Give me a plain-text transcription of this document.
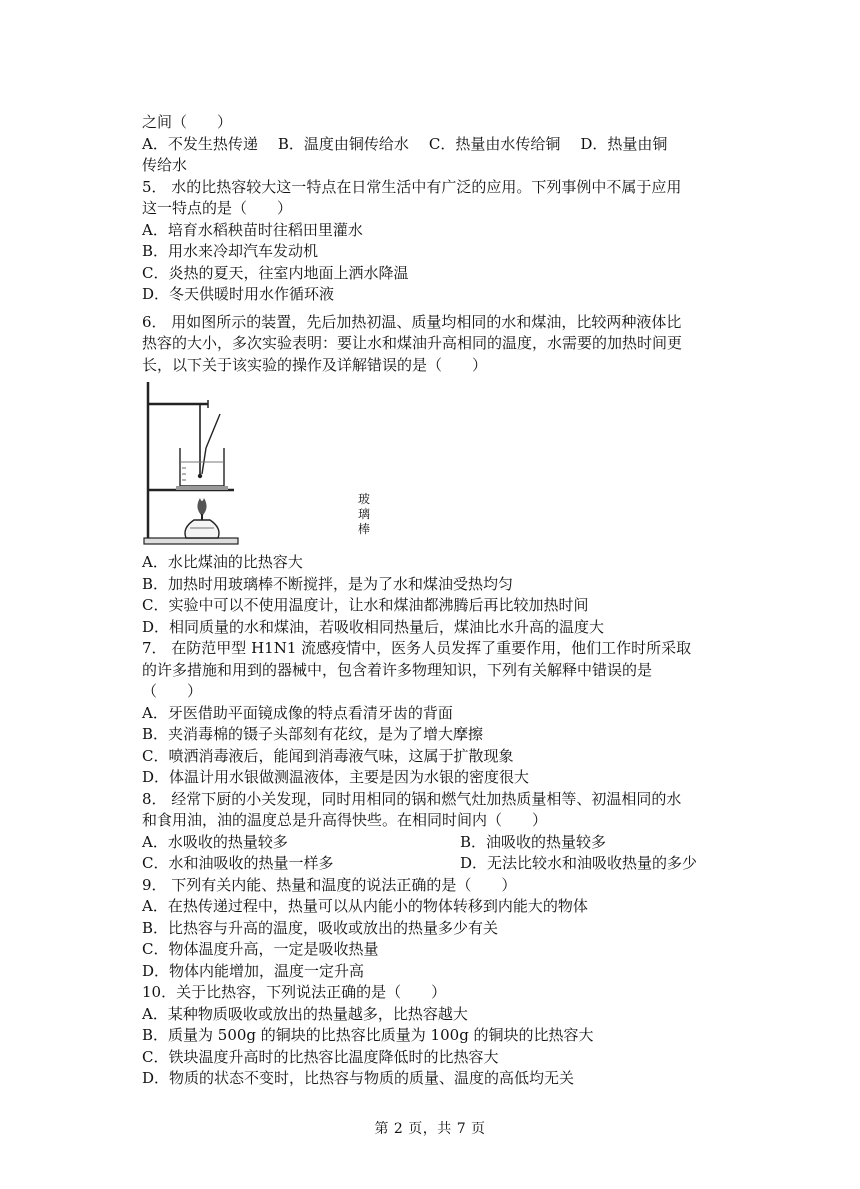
之间（　　）
A．不发生热传递 B．温度由铜传给水 C．热量由水传给铜 D．热量由铜
传给水
5． 水的比热容较大这一特点在日常生活中有广泛的应用。下列事例中不属于应用
这一特点的是（　　）
A．培育水稻秧苗时往稻田里灌水
B．用水来冷却汽车发动机
C．炎热的夏天，往室内地面上洒水降温
D．冬天供暖时用水作循环液
6． 用如图所示的装置，先后加热初温、质量均相同的水和煤油，比较两种液体比
热容的大小，多次实验表明：要让水和煤油升高相同的温度，水需要的加热时间更
长，以下关于该实验的操作及详解错误的是（　　）
玻璃棒
A．水比煤油的比热容大
B．加热时用玻璃棒不断搅拌，是为了水和煤油受热均匀
C．实验中可以不使用温度计，让水和煤油都沸腾后再比较加热时间
D．相同质量的水和煤油，若吸收相同热量后，煤油比水升高的温度大
7． 在防范甲型 H1N1 流感疫情中，医务人员发挥了重要作用，他们工作时所采取
的许多措施和用到的器械中，包含着许多物理知识，下列有关解释中错误的是
（　　）
A．牙医借助平面镜成像的特点看清牙齿的背面
B．夹消毒棉的镊子头部刻有花纹，是为了增大摩擦
C．喷洒消毒液后，能闻到消毒液气味，这属于扩散现象
D．体温计用水银做测温液体，主要是因为水银的密度很大
8． 经常下厨的小关发现，同时用相同的锅和燃气灶加热质量相等、初温相同的水
和食用油，油的温度总是升高得快些。在相同时间内（　　）
A．水吸收的热量较多	B．油吸收的热量较多
C．水和油吸收的热量一样多	D．无法比较水和油吸收热量的多少
9． 下列有关内能、热量和温度的说法正确的是（　　）
A．在热传递过程中，热量可以从内能小的物体转移到内能大的物体
B．比热容与升高的温度，吸收或放出的热量多少有关
C．物体温度升高，一定是吸收热量
D．物体内能增加，温度一定升高
10．关于比热容，下列说法正确的是（　　）
A．某种物质吸收或放出的热量越多，比热容越大
B．质量为 500g 的铜块的比热容比质量为 100g 的铜块的比热容大
C．铁块温度升高时的比热容比温度降低时的比热容大
D．物质的状态不变时，比热容与物质的质量、温度的高低均无关
第 2 页，共 7 页
